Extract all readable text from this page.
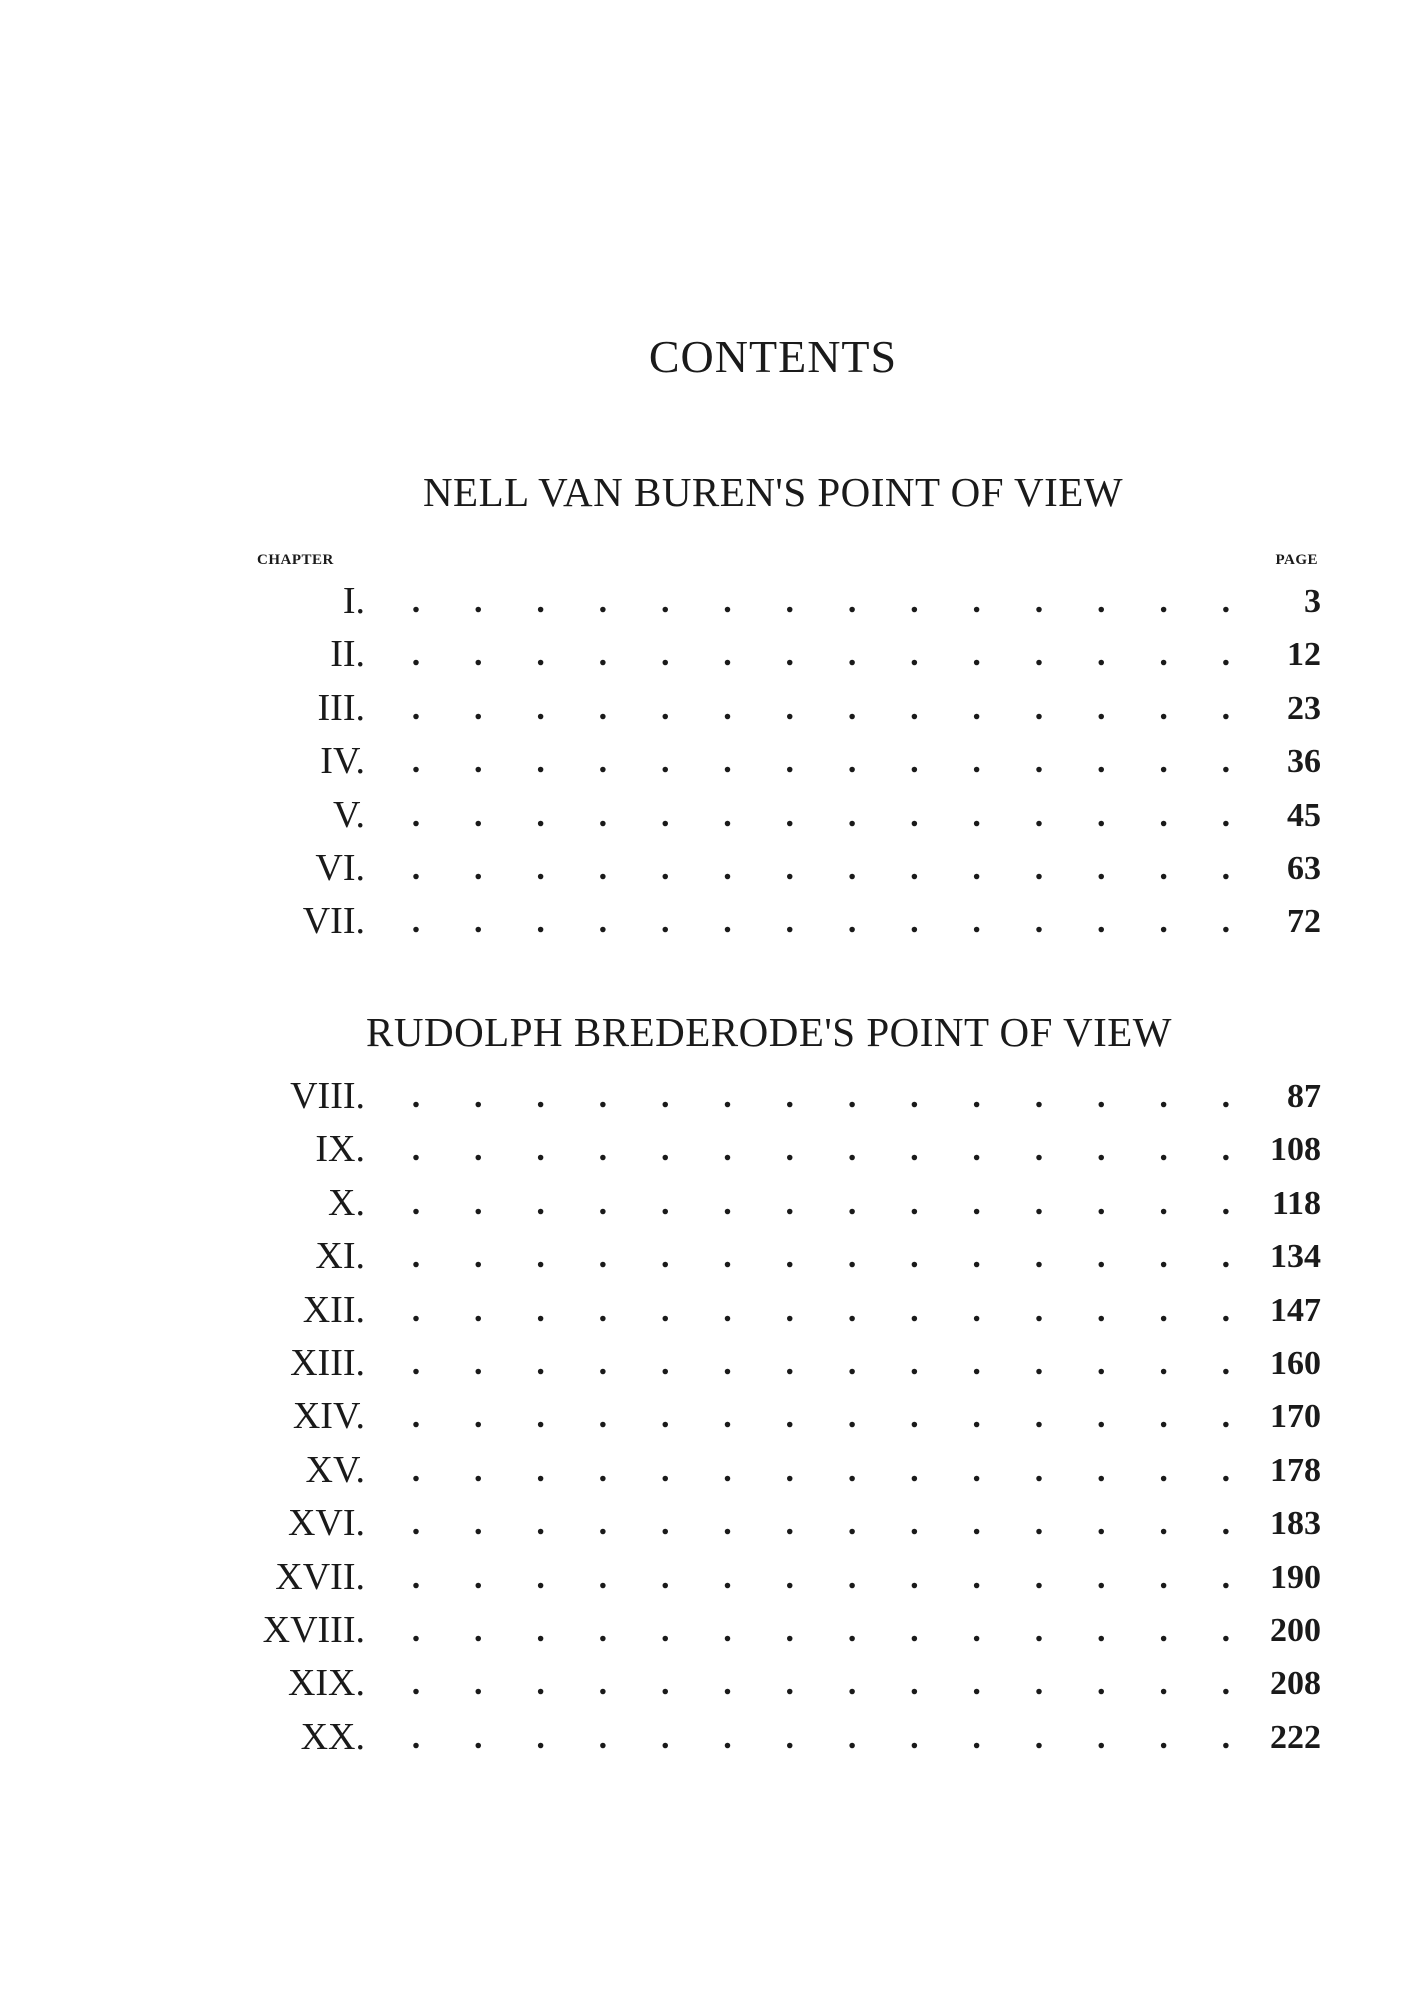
CONTENTS
NELL VAN BUREN'S POINT OF VIEW
CHAPTER	PAGE
I. . . . . . . . . . . . . . . 3
II. . . . . . . . . . . . . . . 12
III. . . . . . . . . . . . . . . 23
IV. . . . . . . . . . . . . . . 36
V. . . . . . . . . . . . . . . 45
VI. . . . . . . . . . . . . . . 63
VII. . . . . . . . . . . . . . . 72
RUDOLPH BREDERODE'S POINT OF VIEW
VIII. . . . . . . . . . . . . . . 87
IX. . . . . . . . . . . . . . . 108
X. . . . . . . . . . . . . . . 118
XI. . . . . . . . . . . . . . . 134
XII. . . . . . . . . . . . . . . 147
XIII. . . . . . . . . . . . . . . 160
XIV. . . . . . . . . . . . . . . 170
XV. . . . . . . . . . . . . . . 178
XVI. . . . . . . . . . . . . . . 183
XVII. . . . . . . . . . . . . . . 190
XVIII. . . . . . . . . . . . . . . 200
XIX. . . . . . . . . . . . . . . 208
XX. . . . . . . . . . . . . . . 222
